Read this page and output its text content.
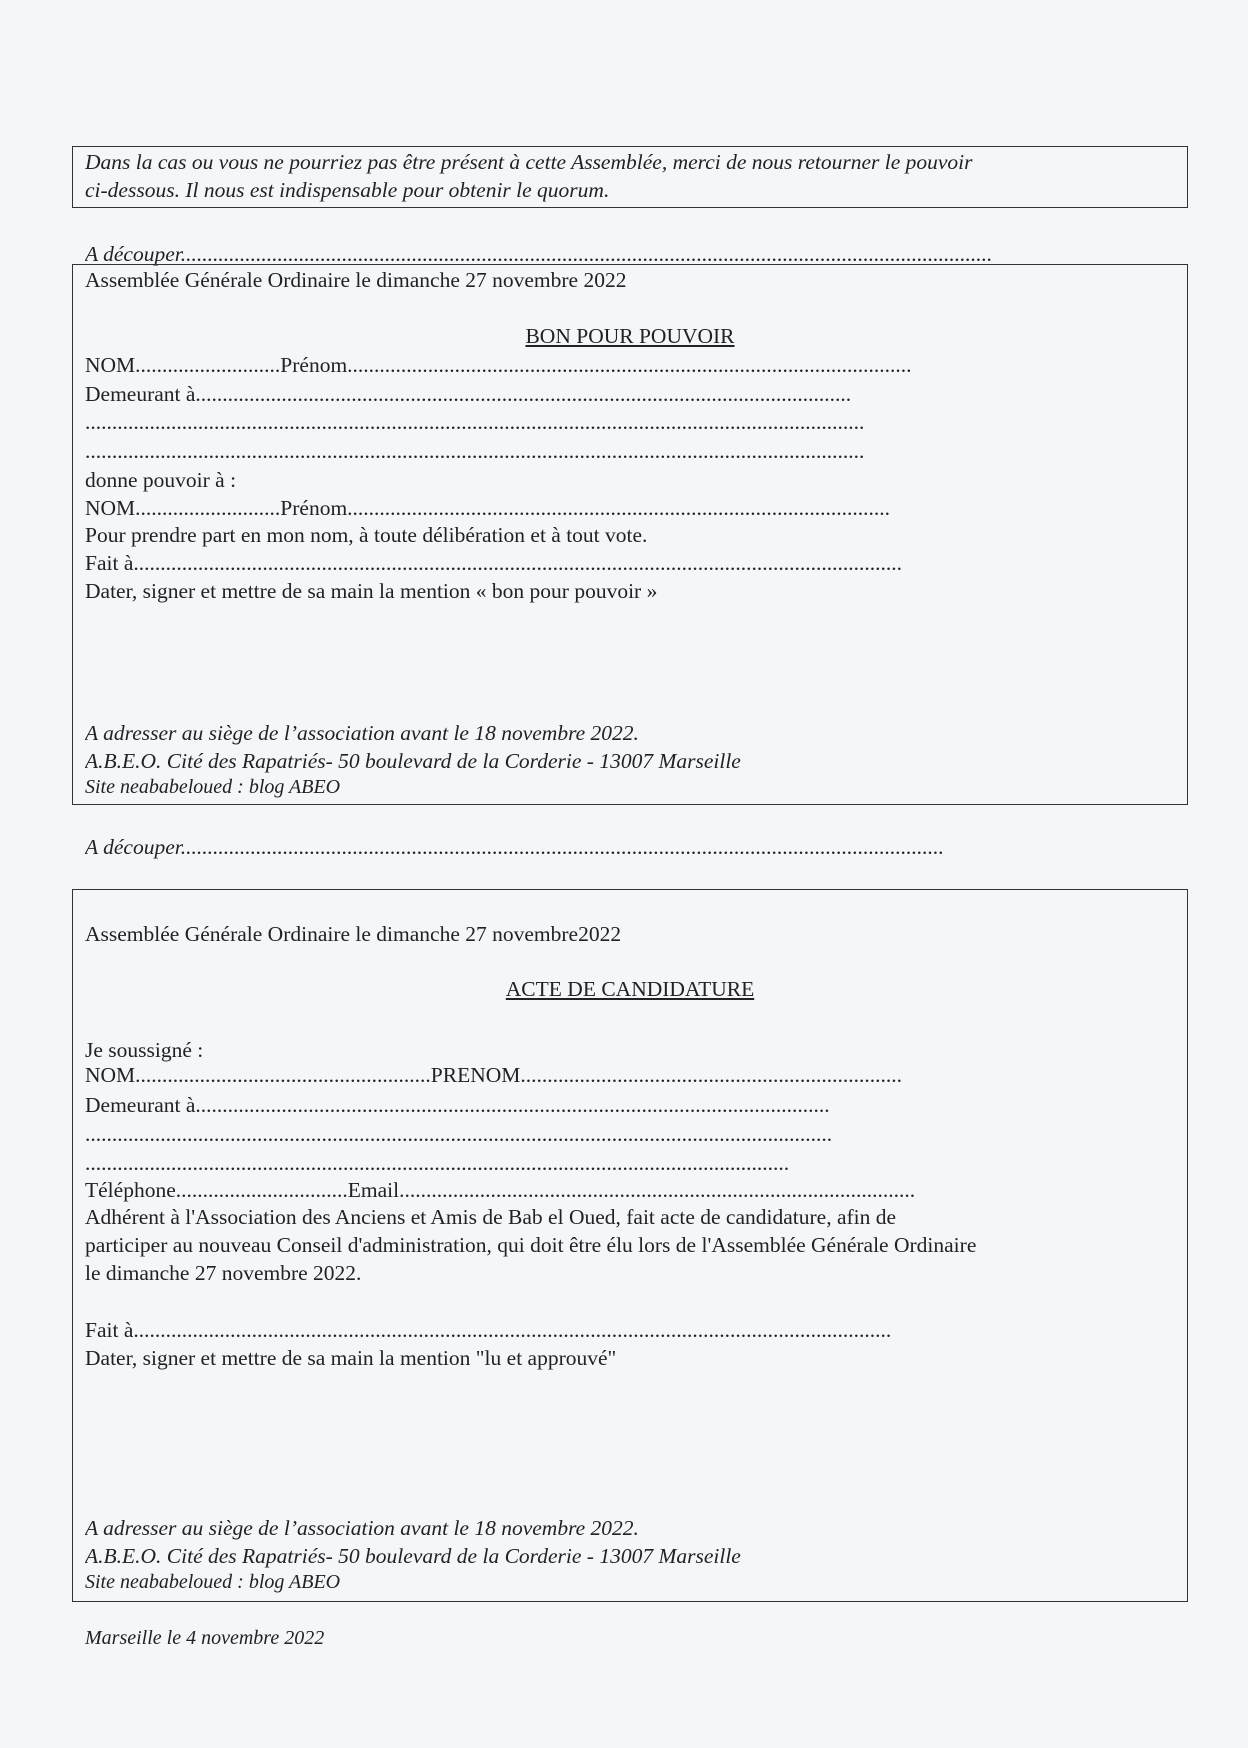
Dans la cas ou vous ne pourriez pas être présent à cette Assemblée, merci de nous retourner le pouvoir
ci-dessous. Il nous est indispensable pour obtenir le quorum.
A découper.......................................................................................................................................................
Assemblée Générale Ordinaire le dimanche 27 novembre 2022
BON POUR POUVOIR
NOM...........................Prénom.........................................................................................................
Demeurant à..........................................................................................................................
.................................................................................................................................................
.................................................................................................................................................
donne pouvoir à :
NOM...........................Prénom.....................................................................................................
Pour prendre part en mon nom, à toute délibération et à tout vote.
Fait à...............................................................................................................................................
Dater, signer et mettre de sa main la mention « bon pour pouvoir »
A adresser au siège de l’association avant le 18 novembre 2022.
A.B.E.O. Cité des Rapatriés- 50 boulevard de la Corderie - 13007 Marseille
Site neababeloued : blog ABEO
A découper..............................................................................................................................................
Assemblée Générale Ordinaire le dimanche 27 novembre2022
ACTE DE CANDIDATURE
Je soussigné :
NOM.......................................................PRENOM.......................................................................
Demeurant à......................................................................................................................
...........................................................................................................................................
...................................................................................................................................
Téléphone................................Email................................................................................................
Adhérent à l'Association des Anciens et Amis de Bab el Oued, fait acte de candidature, afin de
participer au nouveau Conseil d'administration, qui doit être élu lors de l'Assemblée Générale Ordinaire
le dimanche 27 novembre 2022.
Fait à.............................................................................................................................................
Dater, signer et mettre de sa main la mention "lu et approuvé"
A adresser au siège de l’association avant le 18 novembre 2022.
A.B.E.O. Cité des Rapatriés- 50 boulevard de la Corderie - 13007 Marseille
Site neababeloued : blog ABEO
Marseille le 4 novembre 2022
